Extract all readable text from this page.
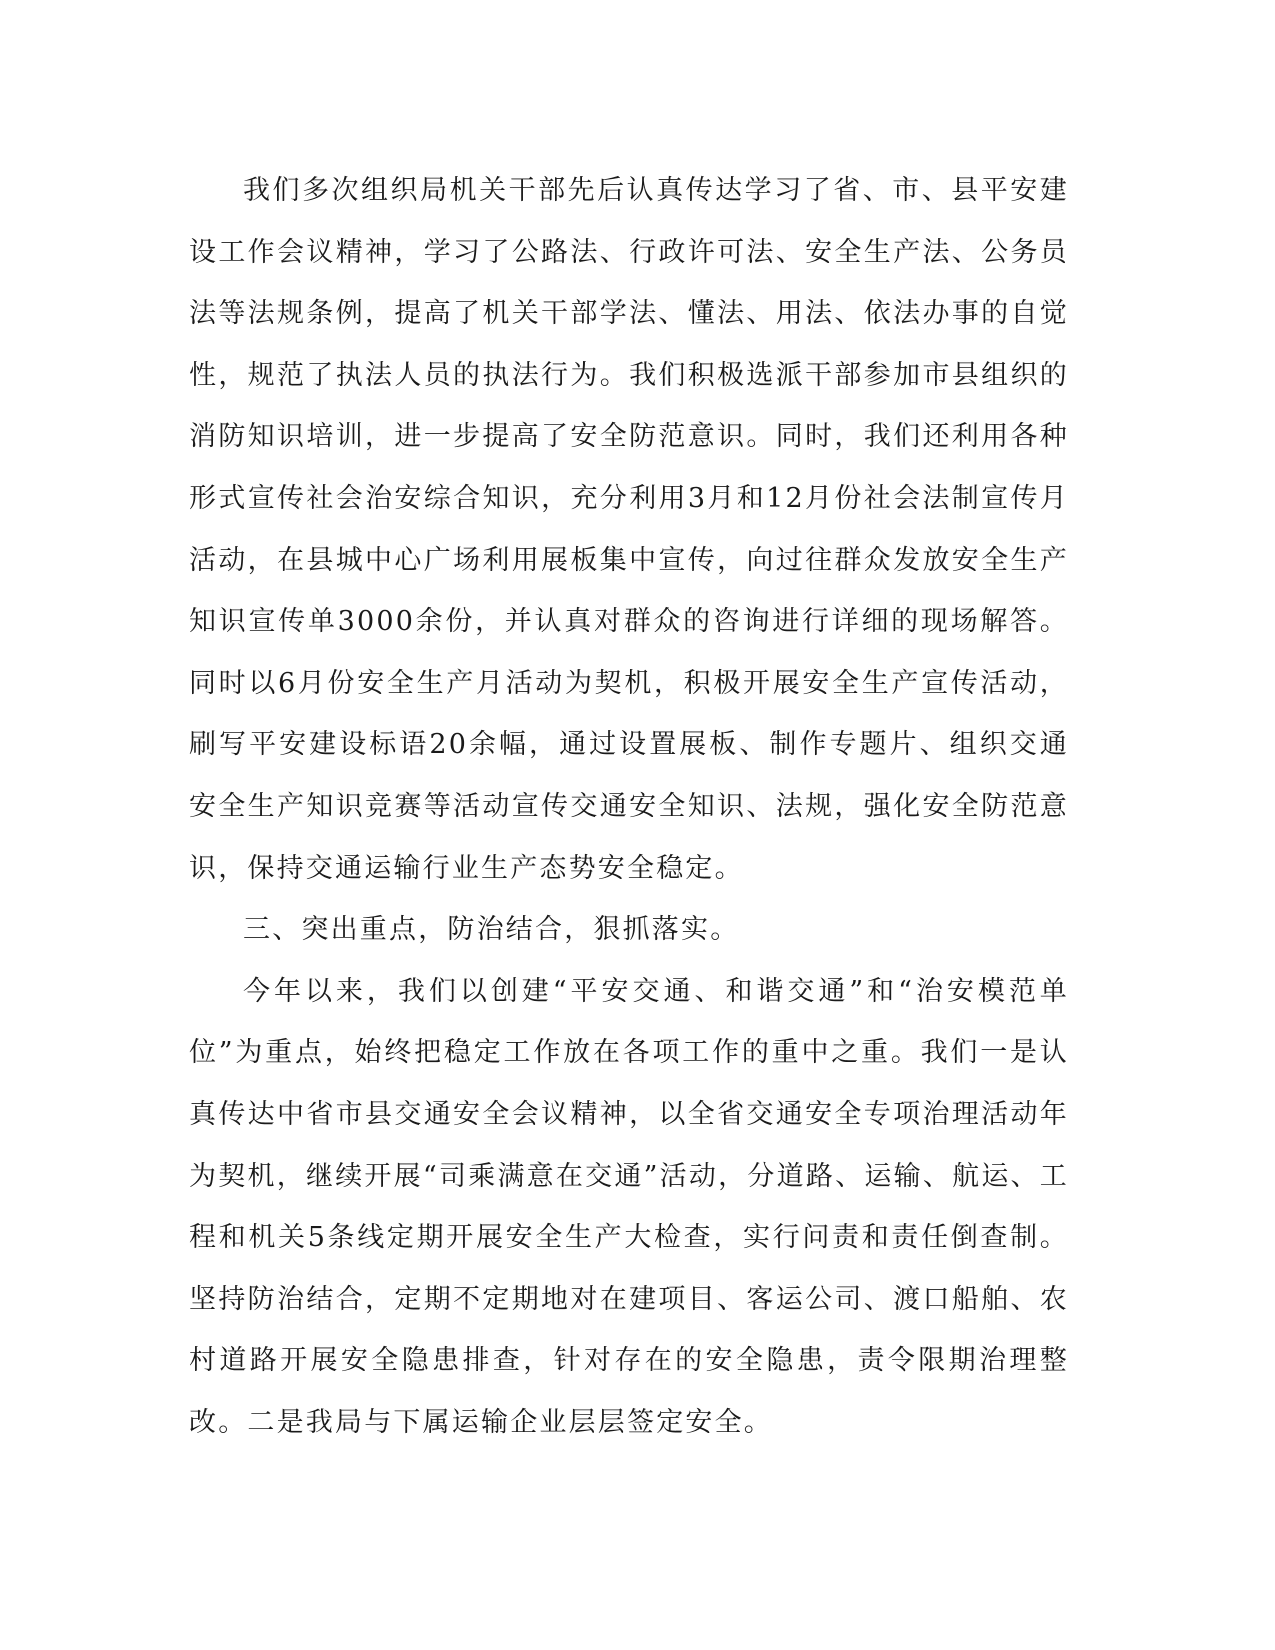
我们多次组织局机关干部先后认真传达学习了省、市、县平安建设工作会议精神，学习了公路法、行政许可法、安全生产法、公务员法等法规条例，提高了机关干部学法、懂法、用法、依法办事的自觉性，规范了执法人员的执法行为。我们积极选派干部参加市县组织的消防知识培训，进一步提高了安全防范意识。同时，我们还利用各种形式宣传社会治安综合知识，充分利用3月和12月份社会法制宣传月活动，在县城中心广场利用展板集中宣传，向过往群众发放安全生产知识宣传单3000余份，并认真对群众的咨询进行详细的现场解答。同时以6月份安全生产月活动为契机，积极开展安全生产宣传活动，刷写平安建设标语20余幅，通过设置展板、制作专题片、组织交通安全生产知识竞赛等活动宣传交通安全知识、法规，强化安全防范意识，保持交通运输行业生产态势安全稳定。

三、突出重点，防治结合，狠抓落实。

今年以来，我们以创建“平安交通、和谐交通”和“治安模范单位”为重点，始终把稳定工作放在各项工作的重中之重。我们一是认真传达中省市县交通安全会议精神，以全省交通安全专项治理活动年为契机，继续开展“司乘满意在交通”活动，分道路、运输、航运、工程和机关5条线定期开展安全生产大检查，实行问责和责任倒查制。坚持防治结合，定期不定期地对在建项目、客运公司、渡口船舶、农村道路开展安全隐患排查，针对存在的安全隐患，责令限期治理整改。二是我局与下属运输企业层层签定安全。
